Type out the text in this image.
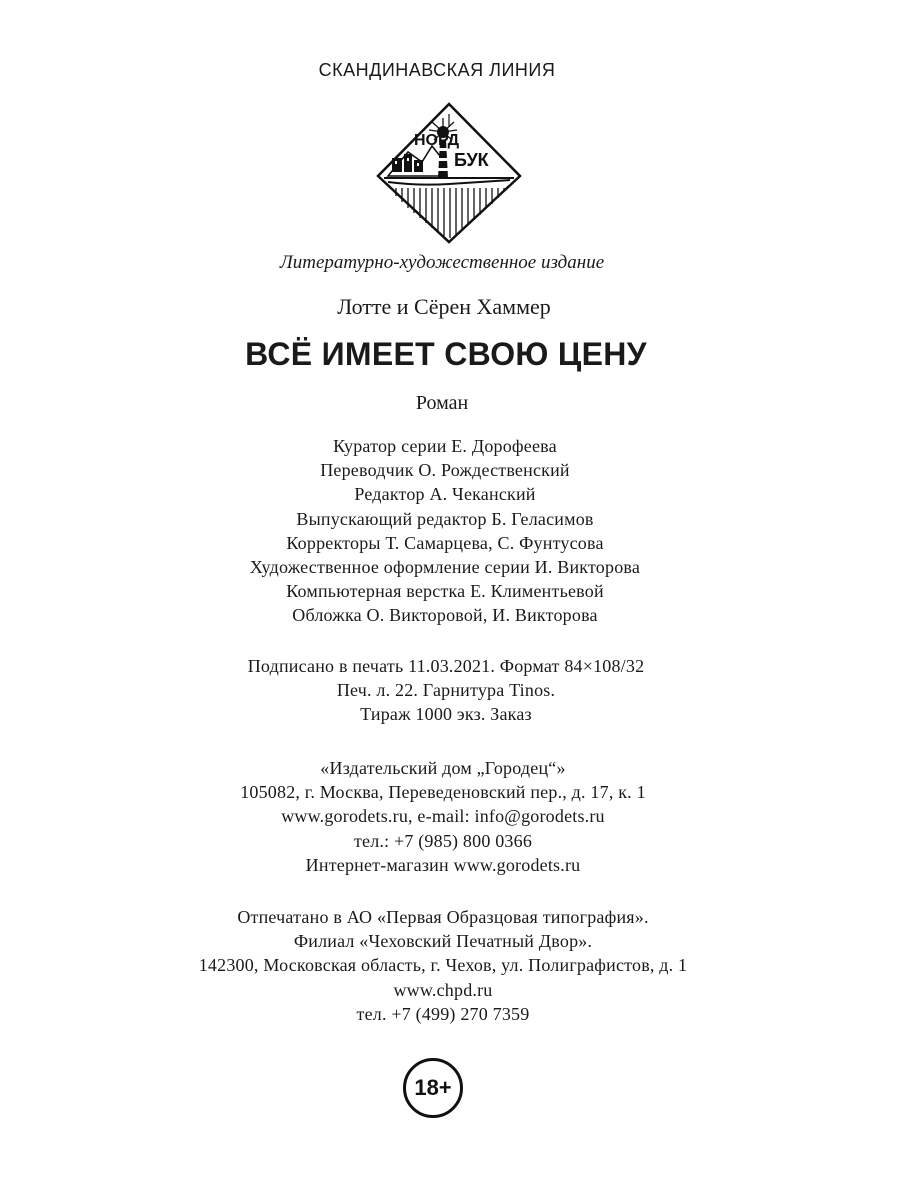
СКАНДИНАВСКАЯ ЛИНИЯ
НОРД
БУК
Литературно-художественное издание
Лотте и Сёрен Хаммер
ВСЁ ИМЕЕТ СВОЮ ЦЕНУ
Роман
Куратор серии Е. Дорофеева
Переводчик О. Рождественский
Редактор А. Чеканский
Выпускающий редактор Б. Геласимов
Корректоры Т. Самарцева, С. Фунтусова
Художественное оформление серии И. Викторова
Компьютерная верстка Е. Климентьевой
Обложка О. Викторовой, И. Викторова
Подписано в печать 11.03.2021. Формат 84×108/32
Печ. л. 22. Гарнитура Tinos.
Тираж 1000 экз. Заказ
«Издательский дом „Городец“»
105082, г. Москва, Переведеновский пер., д. 17, к. 1
www.gorodets.ru, e-mail: info@gorodets.ru
тел.: +7 (985) 800 0366
Интернет-магазин www.gorodets.ru
Отпечатано в АО «Первая Образцовая типография».
Филиал «Чеховский Печатный Двор».
142300, Московская область, г. Чехов, ул. Полиграфистов, д. 1
www.chpd.ru
тел. +7 (499) 270 7359
18+
